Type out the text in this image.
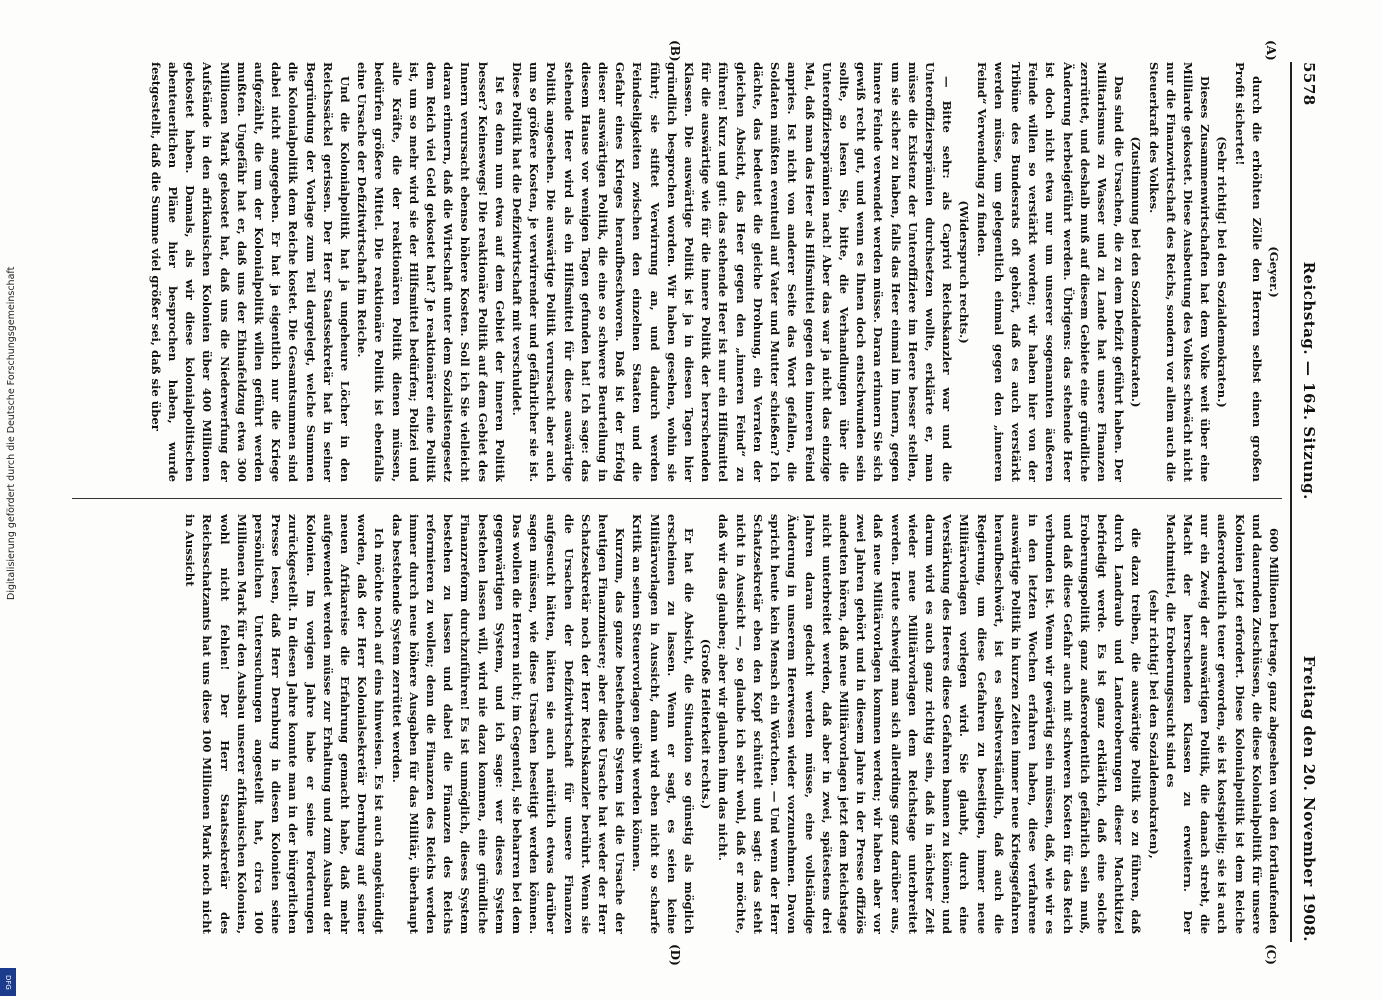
5578
Reichstag. — 164. Sitzung.
Freitag den 20. November 1908.

(Geyer.)

durch die erhöhten Zölle den Herren selbst einen großen Profit sichertet!

(Sehr richtig! bei den Sozialdemokraten.)

Dieses Zusammenwirtschaften hat dem Volke weit über eine Milliarde gekostet. Diese Ausbeutung des Volkes schwächt nicht nur die Finanzwirtschaft des Reichs, sondern vor allem auch die Steuerkraft des Volkes.

(Zustimmung bei den Sozialdemokraten.)

Das sind die Ursachen, die zu dem Defizit geführt haben. Der Militarismus zu Wasser und zu Lande hat unsere Finanzen zerrüttet, und deshalb muß auf diesem Gebiete eine gründliche Änderung herbeigeführt werden. Übrigens: das stehende Heer ist doch nicht etwa nur um unserer sogenannten äußeren Feinde willen so verstärkt worden; wir haben hier von der Tribüne des Bundesrats oft gehört, daß es auch verstärkt werden müsse, um gelegentlich einmal gegen den „inneren Feind“ Verwendung zu finden.

(Widerspruch rechts.)

— Bitte sehr: als Caprivi Reichskanzler war und die Unteroffiziersprämien durchsetzen wollte, erklärte er, man müsse die Existenz der Unteroffiziere im Heere besser stellen, um sie sicher zu haben, falls das Heer einmal im Innern, gegen innere Feinde verwendet werden müsse. Daran erinnern Sie sich gewiß recht gut, und wenn es Ihnen doch entschwunden sein sollte, so lesen Sie, bitte, die Verhandlungen über die Unteroffiziersprämien nach! Aber das war ja nicht das einzige Mal, daß man das Heer als Hilfsmittel gegen den inneren Feind anpries. Ist nicht von anderer Seite das Wort gefallen, die Soldaten müßten eventuell auf Vater und Mutter schießen? Ich dächte, das bedeutet die gleiche Drohung, ein Verraten der gleichen Absicht, das Heer gegen den „inneren Feind“ zu führen! Kurz und gut: das stehende Heer ist nur ein Hilfsmittel für die auswärtige wie für die innere Politik der herrschenden Klassen. Die auswärtige Politik ist ja in diesen Tagen hier gründlich besprochen worden. Wir haben gesehen, wohin sie führt; sie stiftet Verwirrung an, und dadurch werden Feindseligkeiten zwischen den einzelnen Staaten und die Gefahr eines Krieges heraufbeschworen. Daß ist der Erfolg dieser auswärtigen Politik, die eine so schwere Beurteilung in diesem Hause vor wenigen Tagen gefunden hat! Ich sage: das stehende Heer wird als ein Hilfsmittel für diese auswärtige Politik angesehen. Die auswärtige Politik verursacht aber auch um so größere Kosten, je verwirrender und gefährlicher sie ist. Diese Politik hat die Defizitwirtschaft mit verschuldet.

Ist es denn nun etwa auf dem Gebiet der inneren Politik besser? Keineswegs! Die reaktionäre Politik auf dem Gebiet des Innern verursacht ebenso höhere Kosten. Soll ich Sie vielleicht daran erinnern, daß die Wirtschaft unter dem Sozialistengesetz dem Reich viel Geld gekostet hat? Je reaktionärer eine Politik ist, um so mehr wird sie der Hilfsmittel bedürfen; Polizei und alle Kräfte, die der reaktionären Politik dienen müssen, bedürfen größere Mittel. Die reaktionäre Politik ist ebenfalls eine Ursache der Defizitwirtschaft im Reiche.

Und die Kolonialpolitik hat ja ungeheure Löcher in den Reichssäckel gerissen. Der Herr Staatssekretär hat in seiner Begründung der Vorlage zum Teil dargelegt, welche Summen die Kolonialpolitik dem Reiche kostet. Die Gesamtsummen sind dabei nicht angegeben. Er hat ja eigentlich nur die Kriege aufgezählt, die um der Kolonialpolitik willen geführt werden mußten. Ungefähr hat er, daß uns der Ehinafeldzug etwa 300 Millionen Mark gekostet hat, daß uns die Niederwerfung der Aufstände in den afrikanischen Kolonien über 400 Millionen gekostet haben. Damals, als wir diese kolonialpolitischen abenteuerlichen Pläne hier besprochen haben, wurde festgestellt, daß die Summe viel größer sei, daß sie über

600 Millionen betrage, ganz abgesehen von den fortlaufenden und dauernden Zuschüssen, die diese Kolonialpolitik für unsere Kolonien jetzt erfordert. Diese Kolonialpolitik ist dem Reiche außerordentlich teuer geworden, sie ist kostspielig; sie ist auch nur ein Zweig der auswärtigen Politik, die danach strebt, die Macht der herrschenden Klassen zu erweitern. Der Machtmittel, die Eroberungssucht sind es

(sehr richtig! bei den Sozialdemokraten),

die dazu treiben, die auswärtige Politik so zu führen, daß durch Landraub und Landeroberungen dieser Machtkitzel befriedigt werde. Es ist ganz erklärlich, daß eine solche Eroberungspolitik ganz außerordentlich gefährlich sein muß, und daß diese Gefahr auch mit schweren Kosten für das Reich verbunden ist. Wenn wir gewärtig sein müssen, daß, wie wir es in den letzten Wochen erfahren haben, diese verfahrene auswärtige Politik in kurzen Zeiten immer neue Kriegsgefahren heraufbeschwört, ist es selbstverständlich, daß auch die Regierung, um diese Gefahren zu beseitigen, immer neue Militärvorlagen vorlegen wird. Sie glaubt, durch eine Verstärkung des Heeres diese Gefahren bannen zu können; und darum wird es auch ganz richtig sein, daß in nächster Zeit wieder neue Militärvorlagen dem Reichstage unterbreitet werden. Heute schweigt man sich allerdings ganz darüber aus, daß neue Militärvorlagen kommen werden; wir haben aber vor zwei Jahren gehört und in diesem Jahre in der Presse offiziös andeuten hören, daß neue Militärvorlagen jetzt dem Reichstage nicht unterbreitet werden, daß aber in zwei, spätestens drei Jahren daran gedacht werden müsse, eine vollständige Änderung in unserem Heerwesen wieder vorzunehmen. Davon spricht heute kein Mensch ein Wörtchen. — Und wenn der Herr Schatzsekretär eben den Kopf schüttelt und sagt: das steht nicht in Aussicht —, so glaube ich sehr wohl, daß er möchte, daß wir das glauben; aber wir glauben ihm das nicht.

(Große Heiterkeit rechts.)

Er hat die Absicht, die Situation so günstig als möglich erscheinen zu lassen. Wenn er sagt, es seien keine Militärvorlagen in Aussicht, dann wird eben nicht so scharfe Kritik an seinen Steuervorlagen geübt werden können.

Kurzum, das ganze bestehende System ist die Ursache der heutigen Finanzmisere; aber diese Ursache hat weder der Herr Schatzsekretär noch der Herr Reichskanzler berührt. Wenn sie die Ursachen der Defizitwirtschaft für unsere Finanzen aufgesucht hätten, hätten sie auch natürlich etwas darüber sagen müssen, wie diese Ursachen beseitigt werden können. Das wollen die Herren nicht; im Gegenteil, sie beharren bei dem gegenwärtigen System, und ich sage: wer dieses System bestehen lassen will, wird nie dazu kommen, eine gründliche Finanzreform durchzuführen! Es ist unmöglich, dieses System bestehen zu lassen und dabei die Finanzen des Reichs reformieren zu wollen; denn die Finanzen des Reichs werden immer durch neue höhere Ausgaben für das Militär, überhaupt das bestehende System zerrüttet werden.

Ich möchte noch auf eins hinweisen. Es ist auch angekündigt worden, daß der Herr Kolonialsekretär Dernburg auf seiner neuen Afrikareise die Erfahrung gemacht habe, daß mehr aufgewendet werden müsse zur Erhaltung und zum Ausbau der Kolonien. Im vorigen Jahre habe er seine Forderungen zurückgestellt. In diesen Jahre konnte man in der bürgerlichen Presse lesen, daß Herr Dernburg in diesen Kolonien seine persönlichen Untersuchungen angestellt hat, circa 100 Millionen Mark für den Ausbau unserer afrikanischen Kolonien, wohl nicht fehlen! Der Herr Staatssekretär des Reichsschatzamts hat uns diese 100 Millionen Mark noch nicht in Aussicht

(A)
(B)
(C)
(D)
Digitalisierung gefördert durch die Deutsche Forschungsgemeinschaft
DFG
